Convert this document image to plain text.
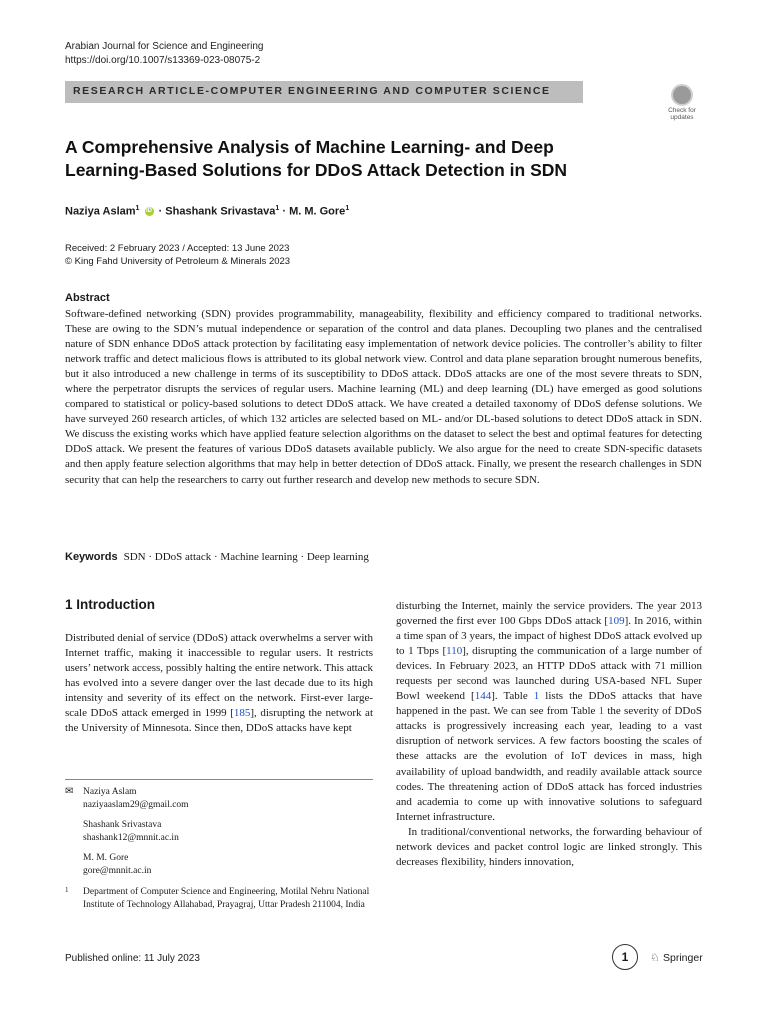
Arabian Journal for Science and Engineering
https://doi.org/10.1007/s13369-023-08075-2
RESEARCH ARTICLE-COMPUTER ENGINEERING AND COMPUTER SCIENCE
Check for updates
A Comprehensive Analysis of Machine Learning- and Deep Learning-Based Solutions for DDoS Attack Detection in SDN
Naziya Aslam$^1$ iD · Shashank Srivastava$^1$ · M. M. Gore$^1$
Received: 2 February 2023 / Accepted: 13 June 2023
© King Fahd University of Petroleum & Minerals 2023
Abstract
Software-defined networking (SDN) provides programmability, manageability, flexibility and efficiency compared to traditional networks. These are owing to the SDN’s mutual independence or separation of the control and data planes. Decoupling two planes and the centralised nature of SDN enhance DDoS attack protection by facilitating easy implementation of network device policies. The controller’s ability to filter network traffic and detect malicious flows is attributed to its global network view. Control and data plane separation brought numerous benefits, but it also introduced a new challenge in terms of its susceptibility to DDoS attack. DDoS attacks are one of the most severe threats to SDN, where the perpetrator disrupts the services of regular users. Machine learning (ML) and deep learning (DL) have emerged as good solutions compared to statistical or policy-based solutions to detect DDoS attack. We have created a detailed taxonomy of DDoS defense solutions. We have surveyed 260 research articles, of which 132 articles are selected based on ML- and/or DL-based solutions to detect DDoS attack in SDN. We discuss the existing works which have applied feature selection algorithms on the dataset to select the best and optimal features for detecting DDoS attack. We present the features of various DDoS datasets available publicly. We also argue for the need to create SDN-specific datasets and then apply feature selection algorithms that may help in better detection of DDoS attack. Finally, we present the research challenges in SDN security that can help the researchers to carry out further research and develop new methods to secure SDN.
Keywords SDN · DDoS attack · Machine learning · Deep learning
1 Introduction
Distributed denial of service (DDoS) attack overwhelms a server with Internet traffic, making it inaccessible to regular users. It restricts users’ network access, possibly halting the entire network. This attack has evolved into a severe danger over the last decade due to its high intensity and severity of its effect on the network. First-ever large-scale DDoS attack emerged in 1999 [185], disrupting the network at the University of Minnesota. Since then, DDoS attacks have kept

disturbing the Internet, mainly the service providers. The year 2013 governed the first ever 100 Gbps DDoS attack [109]. In 2016, within a time span of 3 years, the impact of highest DDoS attack evolved up to 1 Tbps [110], disrupting the communication of a large number of devices. In February 2023, an HTTP DDoS attack with 71 million requests per second was launched during USA-based NFL Super Bowl weekend [144]. Table 1 lists the DDoS attacks that have happened in the past. We can see from Table 1 the severity of DDoS attacks is progressively increasing each year, leading to a vast disruption of network services. A few factors boosting the scales of these attacks are the evolution of IoT devices in mass, high availability of upload bandwidth, and readily available attack source codes. The threatening action of DDoS attack has forced industries and academia to come up with innovative solutions to safeguard Internet infrastructure.

In traditional/conventional networks, the forwarding behaviour of network devices and packet control logic are linked strongly. This decreases flexibility, hinders innovation,

✉ Naziya Aslam
naziyaaslam29@gmail.com
Shashank Srivastava
shashank12@mnnit.ac.in
M. M. Gore
gore@mnnit.ac.in
1 Department of Computer Science and Engineering, Motilal Nehru National Institute of Technology Allahabad, Prayagraj, Uttar Pradesh 211004, India
Published online: 11 July 2023	1	♘ Springer
